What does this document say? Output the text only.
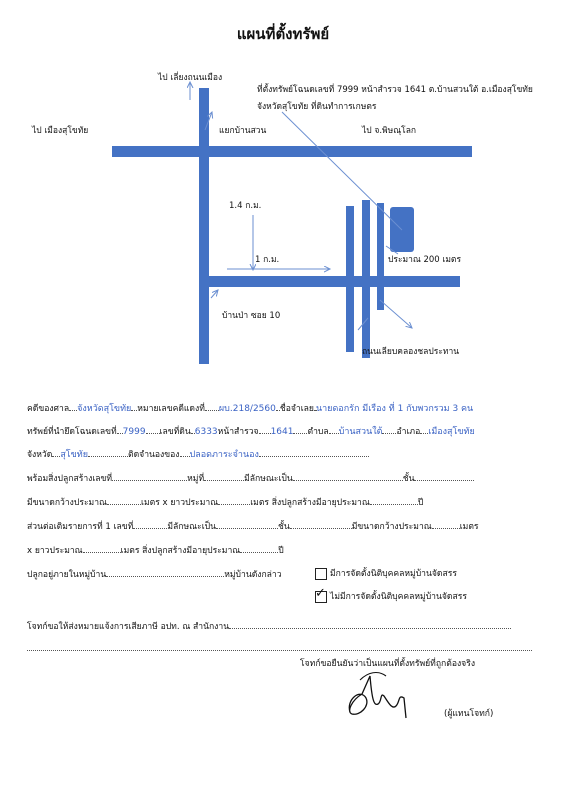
แผนที่ตั้งทรัพย์
ไป เลี่ยงถนนเมือง
ที่ตั้งทรัพย์โฉนดเลขที่ 7999 หน้าสำรวจ 1641 ต.บ้านสวนใต้ อ.เมืองสุโขทัย
จังหวัดสุโขทัย ที่ดินทำการเกษตร
ไป เมืองสุโขทัย	แยกบ้านสวน	ไป จ.พิษณุโลก
1.4 ก.ม.
1 ก.ม.	ประมาณ 200 เมตร
บ้านป่า ซอย 10
ถนนเลียบคลองชลประทาน
คดีของศาล จังหวัดสุโขทัย หมายเลขคดีแดงที่ ผบ.218/2560 ชื่อจำเลย นายดอกรัก มีเรือง ที่ 1 กับพวกรวม 3 คน
ทรัพย์ที่นำยึดโฉนดเลขที่ 7999 เลขที่ดิน 6333หน้าสำรวจ 1641 ตำบล บ้านสวนใต้ อำเภอ เมืองสุโขทัย
จังหวัด สุโขทัย	ติดจำนองของ ปลอดภาระจำนอง
พร้อมสิ่งปลูกสร้างเลขที่	หมู่ที่	มีลักษณะเป็น	ชั้น
มีขนาดกว้างประมาณ	เมตร x ยาวประมาณ	เมตร สิ่งปลูกสร้างมีอายุประมาณ	ปี
ส่วนต่อเติมรายการที่ 1 เลขที่	มีลักษณะเป็น	ชั้น	มีขนาดกว้างประมาณ	เมตร
x ยาวประมาณ	เมตร สิ่งปลูกสร้างมีอายุประมาณ	ปี
ปลูกอยู่ภายในหมู่บ้าน	หมู่บ้านดังกล่าว	มีการจัดตั้งนิติบุคคลหมู่บ้านจัดสรร
✓ ไม่มีการจัดตั้งนิติบุคคลหมู่บ้านจัดสรร
โจทก์ขอให้ส่งหมายแจ้งการเสียภาษี อปท. ณ สำนักงาน
โจทก์ขอยืนยันว่าเป็นแผนที่ตั้งทรัพย์ที่ถูกต้องจริง
(ผู้แทนโจทก์)
